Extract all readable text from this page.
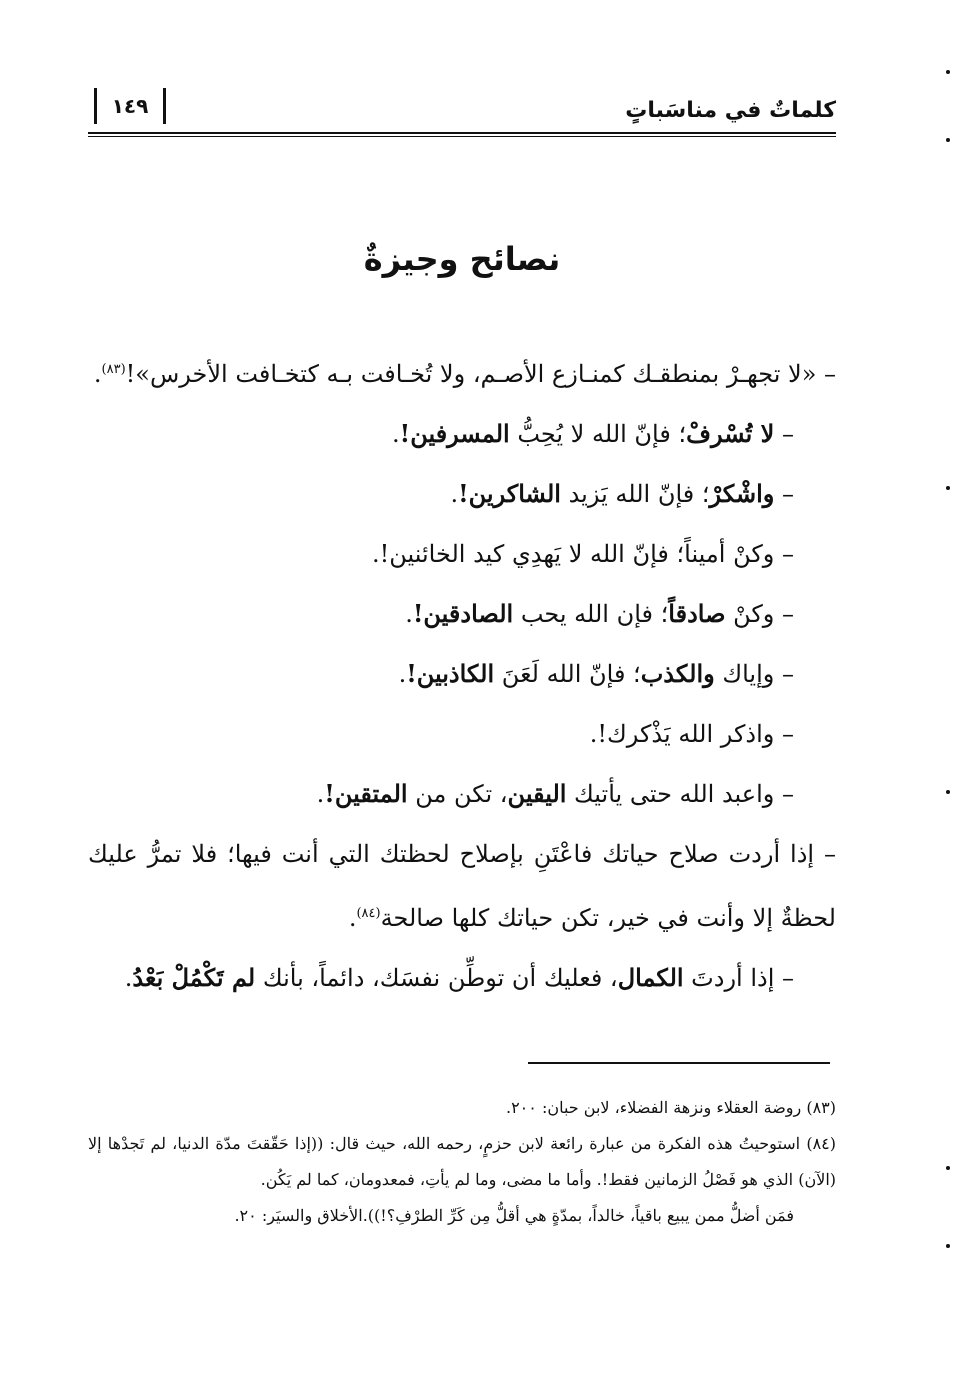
كلماتٌ في مناسَباتٍ
١٤٩
نصائح وجيزةٌ

– «لا تجهـرْ بمنطقـك كمنـازع الأصـم، ولا تُخـافت بـه كتخـافت الأخرس»!$^{(٨٣)}$.

– لا تُسْرفْ؛ فإنّ الله لا يُحِبُّ المسرفين!.

– واشْكرْ؛ فإنّ الله يَزيد الشاكرين!.

– وكنْ أميناً؛ فإنّ الله لا يَهدِي كيد الخائنين!.

– وكنْ صادقاً؛ فإن الله يحب الصادقين!.

– وإياك والكذب؛ فإنّ الله لَعَنَ الكاذبين!.

– واذكر الله يَذْكرك!.

– واعبد الله حتى يأتيك اليقين، تكن من المتقين!.

– إذا أردت صلاح حياتك فاعْتَنِ بإصلاح لحظتك التي أنت فيها؛ فلا تمرُّ عليك لحظةٌ إلا وأنت في خير، تكن حياتك كلها صالحة$^{(٨٤)}$.

– إذا أردتَ الكمال، فعليك أن توطِّن نفسَك، دائماً، بأنك لم تَكْمُلْ بَعْدُ.

(٨٣) روضة العقلاء ونزهة الفضلاء، لابن حبان: ٢٠٠.

(٨٤) استوحيتُ هذه الفكرة من عبارة رائعة لابن حزمٍ، رحمه الله، حيث قال: ((إذا حَقّقتَ مدّة الدنيا، لم تَجدْها إلا (الآن) الذي هو فَصْلُ الزمانين فقط!. وأما ما مضى، وما لم يأتِ، فمعدومان، كما لم يَكُن.

فمَن أضلُّ ممن يبيع باقياً، خالداً، بمدّةٍ هي أقلُّ مِن كَرِّ الطرْفِ؟!)).الأخلاق والسيَر: ٢٠.
